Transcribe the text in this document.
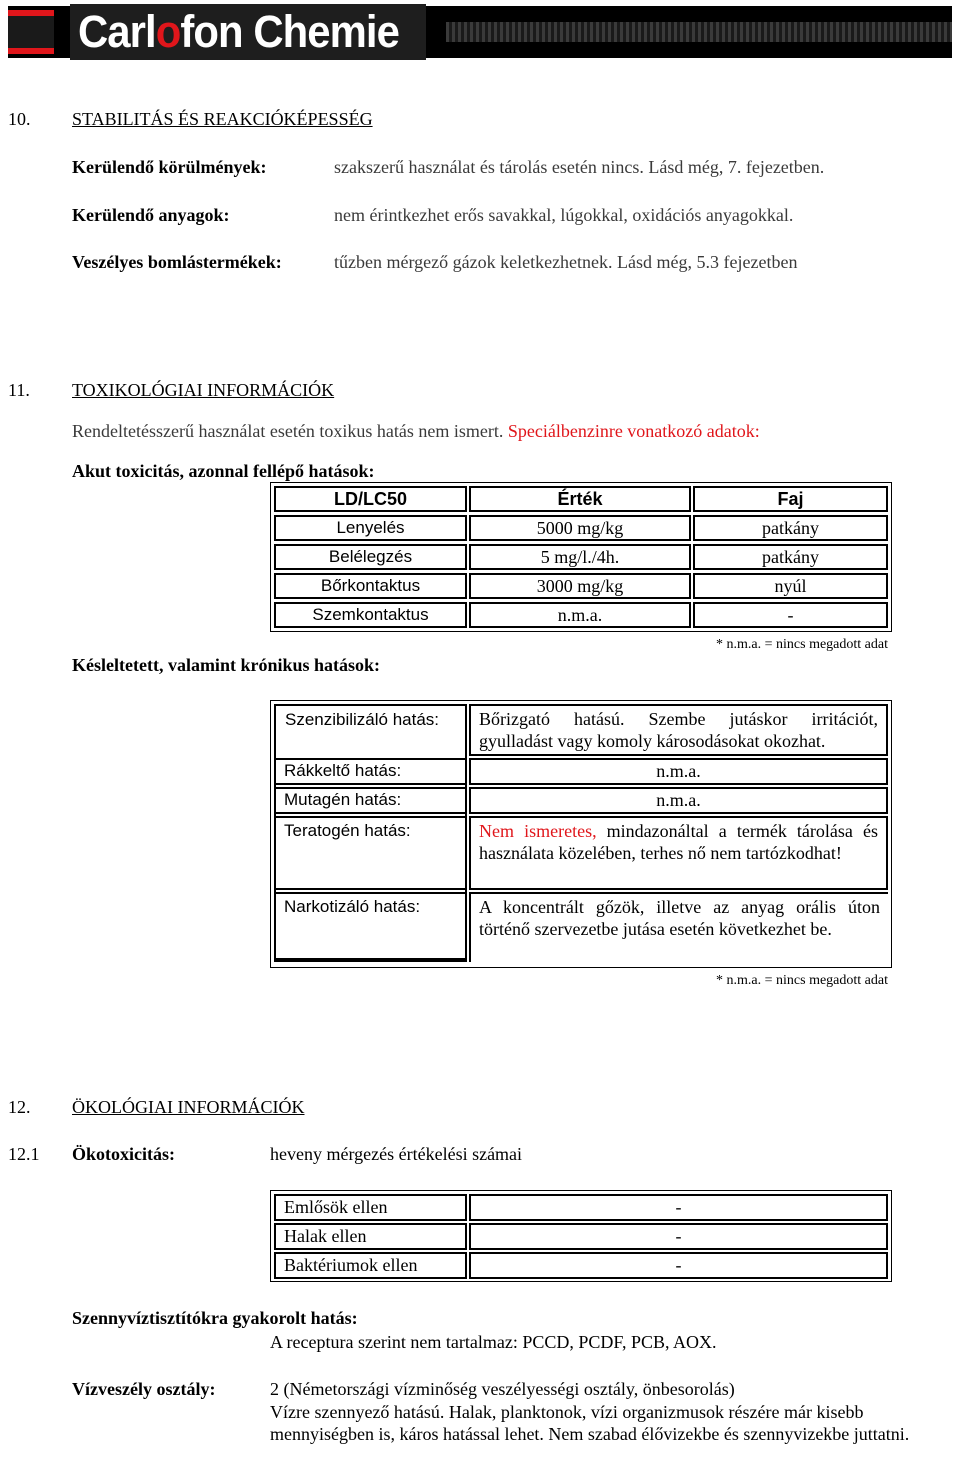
Carlofon Chemie
10. STABILITÁS ÉS REAKCIÓKÉPESSÉG
Kerülendő körülmények:	szakszerű használat és tárolás esetén nincs. Lásd még, 7. fejezetben.
Kerülendő anyagok:	nem érintkezhet erős savakkal, lúgokkal, oxidációs anyagokkal.
Veszélyes bomlástermékek:	tűzben mérgező gázok keletkezhetnek. Lásd még, 5.3 fejezetben
11. TOXIKOLÓGIAI INFORMÁCIÓK
Rendeltetésszerű használat esetén toxikus hatás nem ismert. Speciálbenzinre vonatkozó adatok:
Akut toxicitás, azonnal fellépő hatások:
LD/LC50	Érték	Faj
Lenyelés	5000 mg/kg	patkány
Belélegzés	5 mg/l./4h.	patkány
Bőrkontaktus	3000 mg/kg	nyúl
Szemkontaktus	n.m.a.	-
* n.m.a. = nincs megadott adat
Késleltetett, valamint krónikus hatások:
Szenzibilizáló hatás:	Bőrizgató hatású. Szembe jutáskor irritációt, gyulladást vagy komoly károsodásokat okozhat.
Rákkeltő hatás:	n.m.a.
Mutagén hatás:	n.m.a.
Teratogén hatás:	Nem ismeretes, mindazonáltal a termék tárolása és használata közelében, terhes nő nem tartózkodhat!
Narkotizáló hatás:	A koncentrált gőzök, illetve az anyag orális úton történő szervezetbe jutása esetén következhet be.
* n.m.a. = nincs megadott adat
12. ÖKOLÓGIAI INFORMÁCIÓK
12.1 Ökotoxicitás:	heveny mérgezés értékelési számai
Emlősök ellen	-
Halak ellen	-
Baktériumok ellen	-
Szennyvíztisztítókra gyakorolt hatás:
A receptura szerint nem tartalmaz: PCCD, PCDF, PCB, AOX.
Vízveszély osztály:	2 (Németországi vízminőség veszélyességi osztály, önbesorolás)
Vízre szennyező hatású. Halak, planktonok, vízi organizmusok részére már kisebb mennyiségben is, káros hatással lehet. Nem szabad élővizekbe és szennyvizekbe juttatni.
